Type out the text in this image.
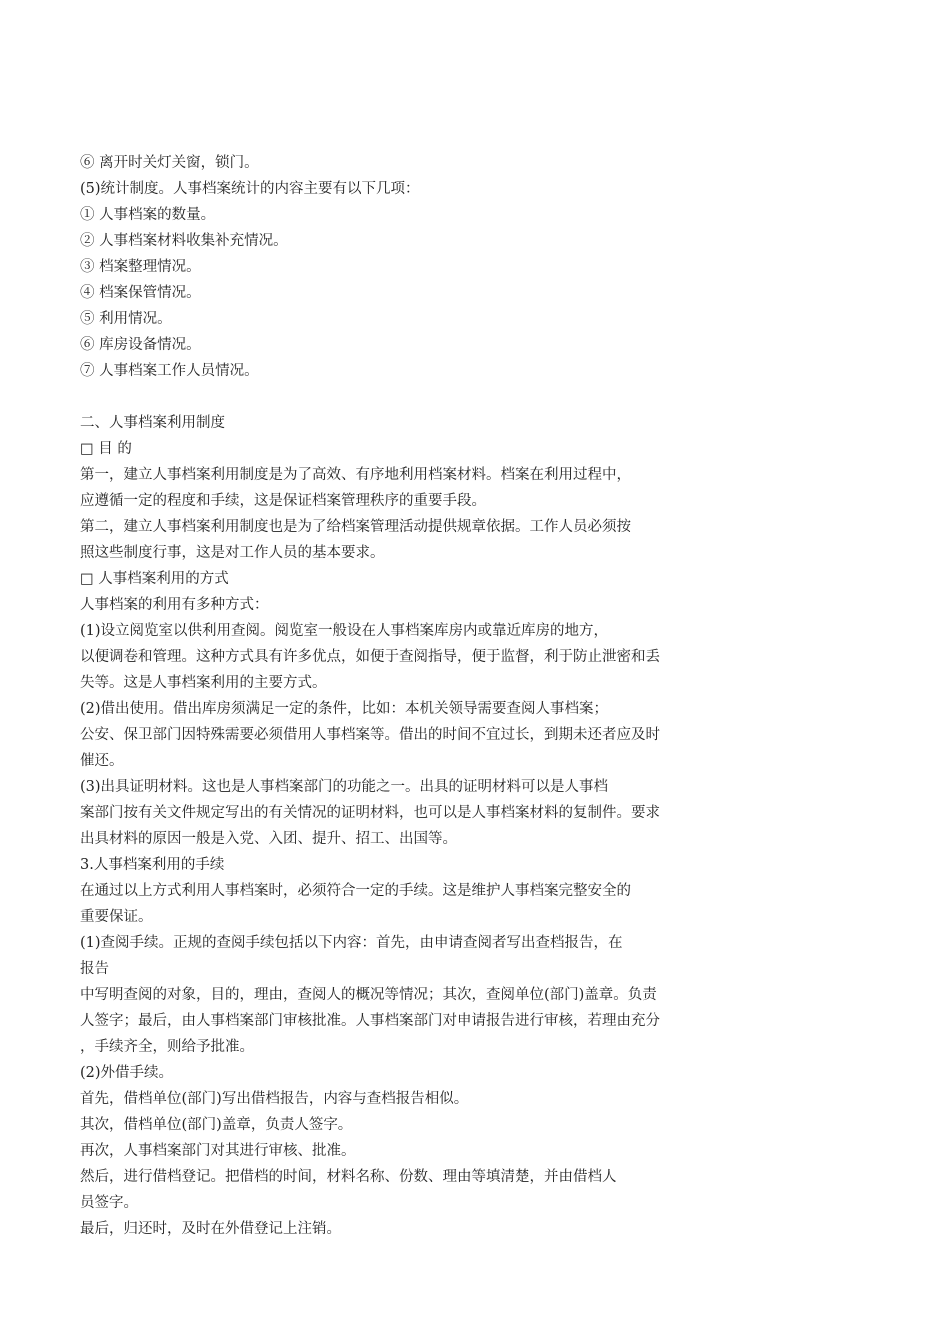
⑥ 离开时关灯关窗，锁门。
(5)统计制度。人事档案统计的内容主要有以下几项：
① 人事档案的数量。
② 人事档案材料收集补充情况。
③ 档案整理情况。
④ 档案保管情况。
⑤ 利用情况。
⑥ 库房设备情况。
⑦ 人事档案工作人员情况。
二、人事档案利用制度
□ 目 的
第一，建立人事档案利用制度是为了高效、有序地利用档案材料。档案在利用过程中，
应遵循一定的程度和手续，这是保证档案管理秩序的重要手段。
第二，建立人事档案利用制度也是为了给档案管理活动提供规章依据。工作人员必须按
照这些制度行事，这是对工作人员的基本要求。
□ 人事档案利用的方式
人事档案的利用有多种方式：
(1)设立阅览室以供利用查阅。阅览室一般设在人事档案库房内或靠近库房的地方，
以便调卷和管理。这种方式具有许多优点，如便于查阅指导，便于监督，利于防止泄密和丢
失等。这是人事档案利用的主要方式。
(2)借出使用。借出库房须满足一定的条件，比如：本机关领导需要查阅人事档案；
公安、保卫部门因特殊需要必须借用人事档案等。借出的时间不宜过长，到期未还者应及时
催还。
(3)出具证明材料。这也是人事档案部门的功能之一。出具的证明材料可以是人事档
案部门按有关文件规定写出的有关情况的证明材料，也可以是人事档案材料的复制件。要求
出具材料的原因一般是入党、入团、提升、招工、出国等。
3.人事档案利用的手续
在通过以上方式利用人事档案时，必须符合一定的手续。这是维护人事档案完整安全的
重要保证。
(1)查阅手续。正规的查阅手续包括以下内容：首先，由申请查阅者写出查档报告，在
报告
中写明查阅的对象，目的，理由，查阅人的概况等情况；其次，查阅单位(部门)盖章。负责
人签字；最后，由人事档案部门审核批准。人事档案部门对申请报告进行审核，若理由充分
，手续齐全，则给予批准。
(2)外借手续。
首先，借档单位(部门)写出借档报告，内容与查档报告相似。
其次，借档单位(部门)盖章，负责人签字。
再次，人事档案部门对其进行审核、批准。
然后，进行借档登记。把借档的时间，材料名称、份数、理由等填清楚，并由借档人
员签字。
最后，归还时，及时在外借登记上注销。
